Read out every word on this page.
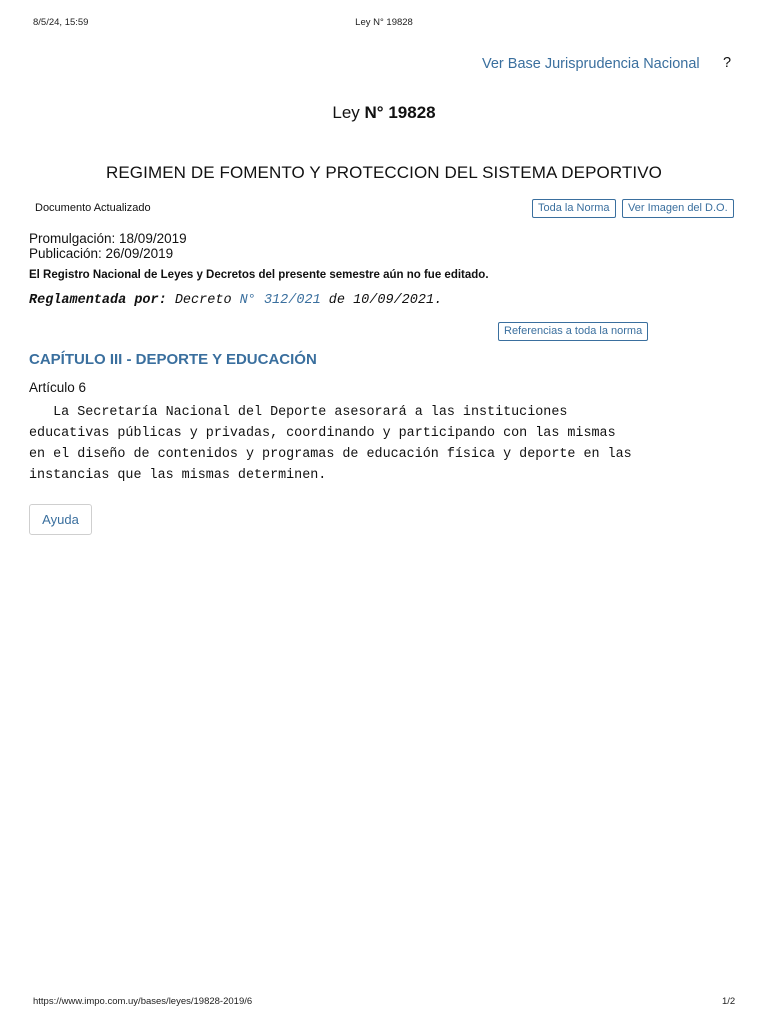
8/5/24, 15:59	Ley N° 19828
Ver Base Jurisprudencia Nacional ?
Ley N° 19828
REGIMEN DE FOMENTO Y PROTECCION DEL SISTEMA DEPORTIVO
Documento Actualizado	Toda la Norma	Ver Imagen del D.O.
Promulgación: 18/09/2019
Publicación: 26/09/2019
El Registro Nacional de Leyes y Decretos del presente semestre aún no fue editado.
Reglamentada por: Decreto N° 312/021 de 10/09/2021.
Referencias a toda la norma
CAPÍTULO III - DEPORTE Y EDUCACIÓN
Artículo 6
La Secretaría Nacional del Deporte asesorará a las instituciones
educativas públicas y privadas, coordinando y participando con las mismas
en el diseño de contenidos y programas de educación física y deporte en las
instancias que las mismas determinen.
Ayuda
https://www.impo.com.uy/bases/leyes/19828-2019/6	1/2
